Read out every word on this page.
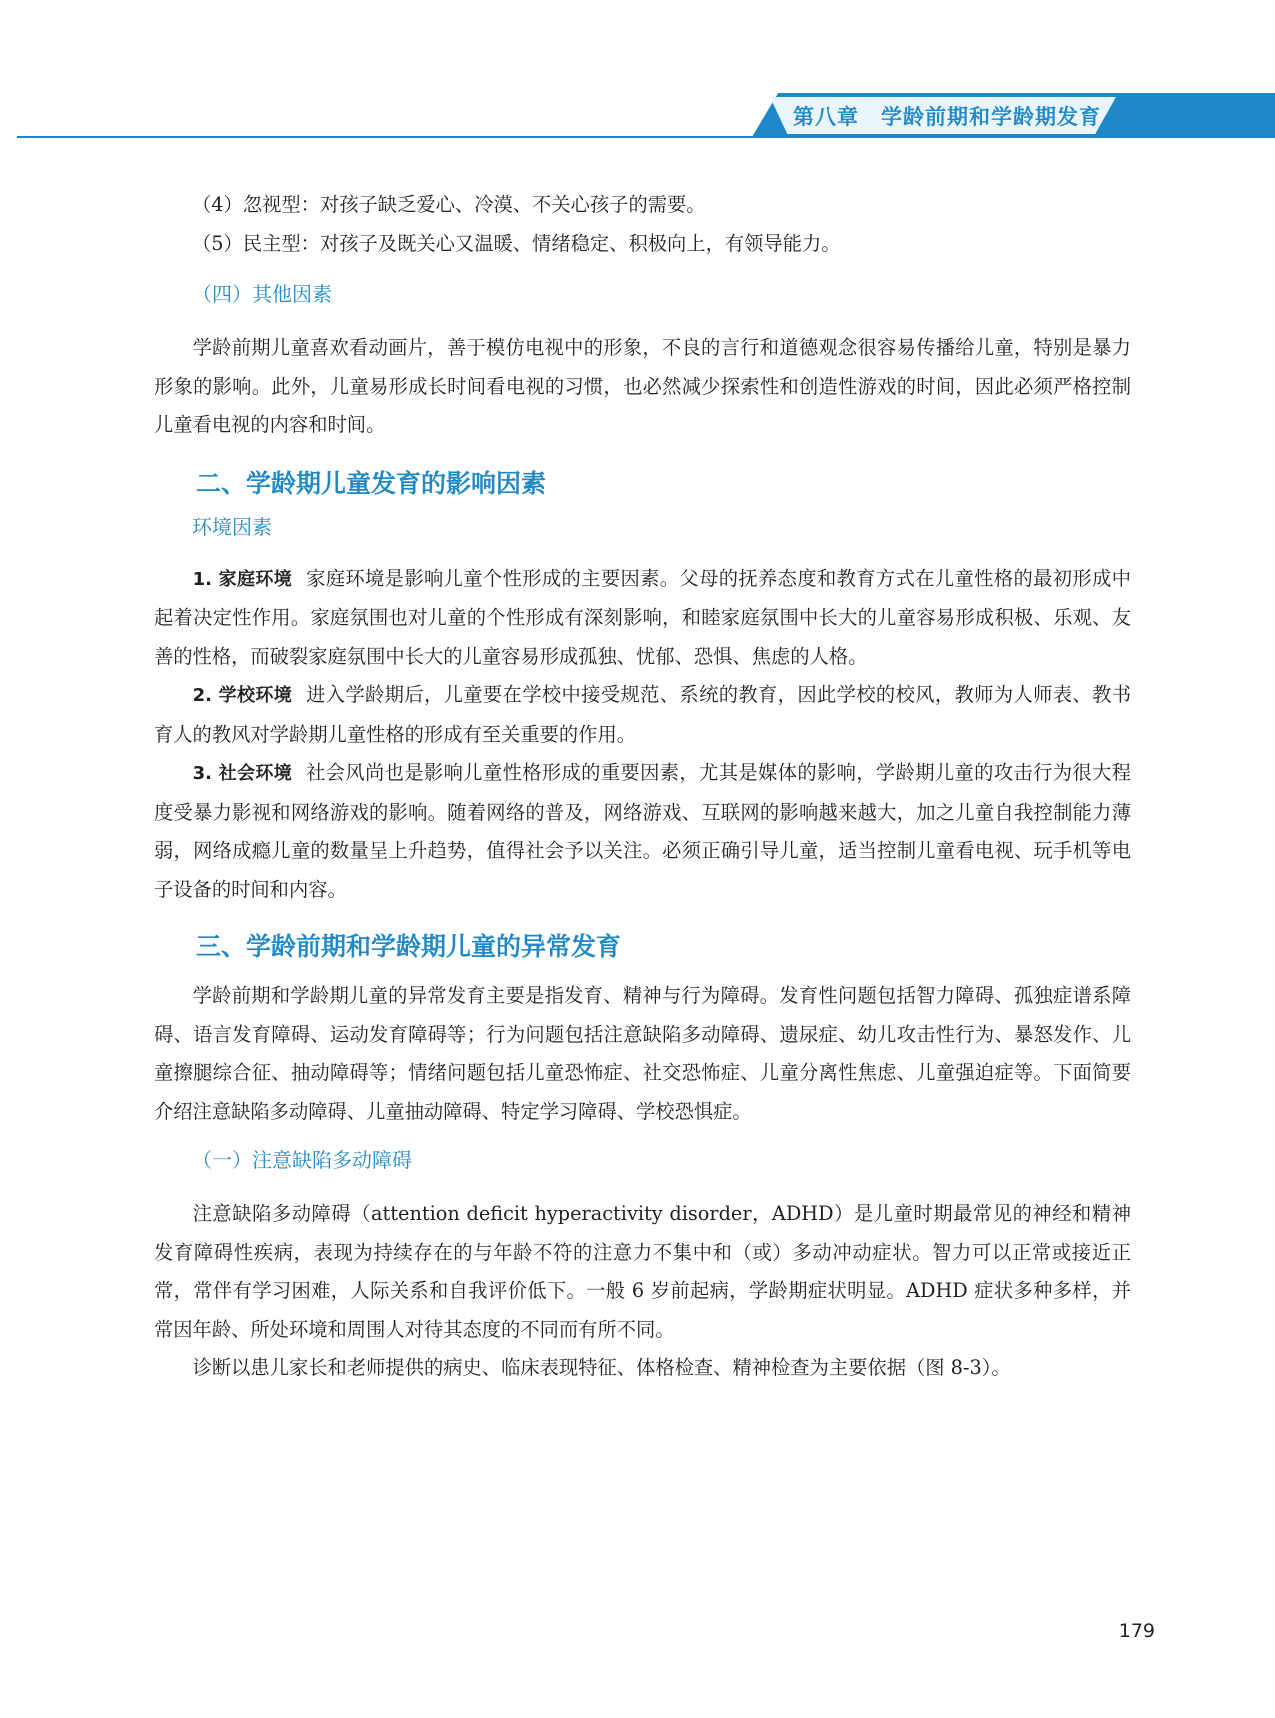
第八章 学龄前期和学龄期发育
（4）忽视型：对孩子缺乏爱心、冷漠、不关心孩子的需要。
（5）民主型：对孩子及既关心又温暖、情绪稳定、积极向上，有领导能力。
（四）其他因素

学龄前期儿童喜欢看动画片，善于模仿电视中的形象，不良的言行和道德观念很容易传播给儿童，特别是暴力形象的影响。此外，儿童易形成长时间看电视的习惯，也必然减少探索性和创造性游戏的时间，因此必须严格控制儿童看电视的内容和时间。

二、学龄期儿童发育的影响因素
环境因素

1. 家庭环境 家庭环境是影响儿童个性形成的主要因素。父母的抚养态度和教育方式在儿童性格的最初形成中起着决定性作用。家庭氛围也对儿童的个性形成有深刻影响，和睦家庭氛围中长大的儿童容易形成积极、乐观、友善的性格，而破裂家庭氛围中长大的儿童容易形成孤独、忧郁、恐惧、焦虑的人格。

2. 学校环境 进入学龄期后，儿童要在学校中接受规范、系统的教育，因此学校的校风，教师为人师表、教书育人的教风对学龄期儿童性格的形成有至关重要的作用。

3. 社会环境 社会风尚也是影响儿童性格形成的重要因素，尤其是媒体的影响，学龄期儿童的攻击行为很大程度受暴力影视和网络游戏的影响。随着网络的普及，网络游戏、互联网的影响越来越大，加之儿童自我控制能力薄弱，网络成瘾儿童的数量呈上升趋势，值得社会予以关注。必须正确引导儿童，适当控制儿童看电视、玩手机等电子设备的时间和内容。

三、学龄前期和学龄期儿童的异常发育

学龄前期和学龄期儿童的异常发育主要是指发育、精神与行为障碍。发育性问题包括智力障碍、孤独症谱系障碍、语言发育障碍、运动发育障碍等；行为问题包括注意缺陷多动障碍、遗尿症、幼儿攻击性行为、暴怒发作、儿童擦腿综合征、抽动障碍等；情绪问题包括儿童恐怖症、社交恐怖症、儿童分离性焦虑、儿童强迫症等。下面简要介绍注意缺陷多动障碍、儿童抽动障碍、特定学习障碍、学校恐惧症。

（一）注意缺陷多动障碍

注意缺陷多动障碍（attention deficit hyperactivity disorder，ADHD）是儿童时期最常见的神经和精神发育障碍性疾病，表现为持续存在的与年龄不符的注意力不集中和（或）多动冲动症状。智力可以正常或接近正常，常伴有学习困难，人际关系和自我评价低下。一般 6 岁前起病，学龄期症状明显。ADHD 症状多种多样，并常因年龄、所处环境和周围人对待其态度的不同而有所不同。

诊断以患儿家长和老师提供的病史、临床表现特征、体格检查、精神检查为主要依据（图 8-3）。

179
